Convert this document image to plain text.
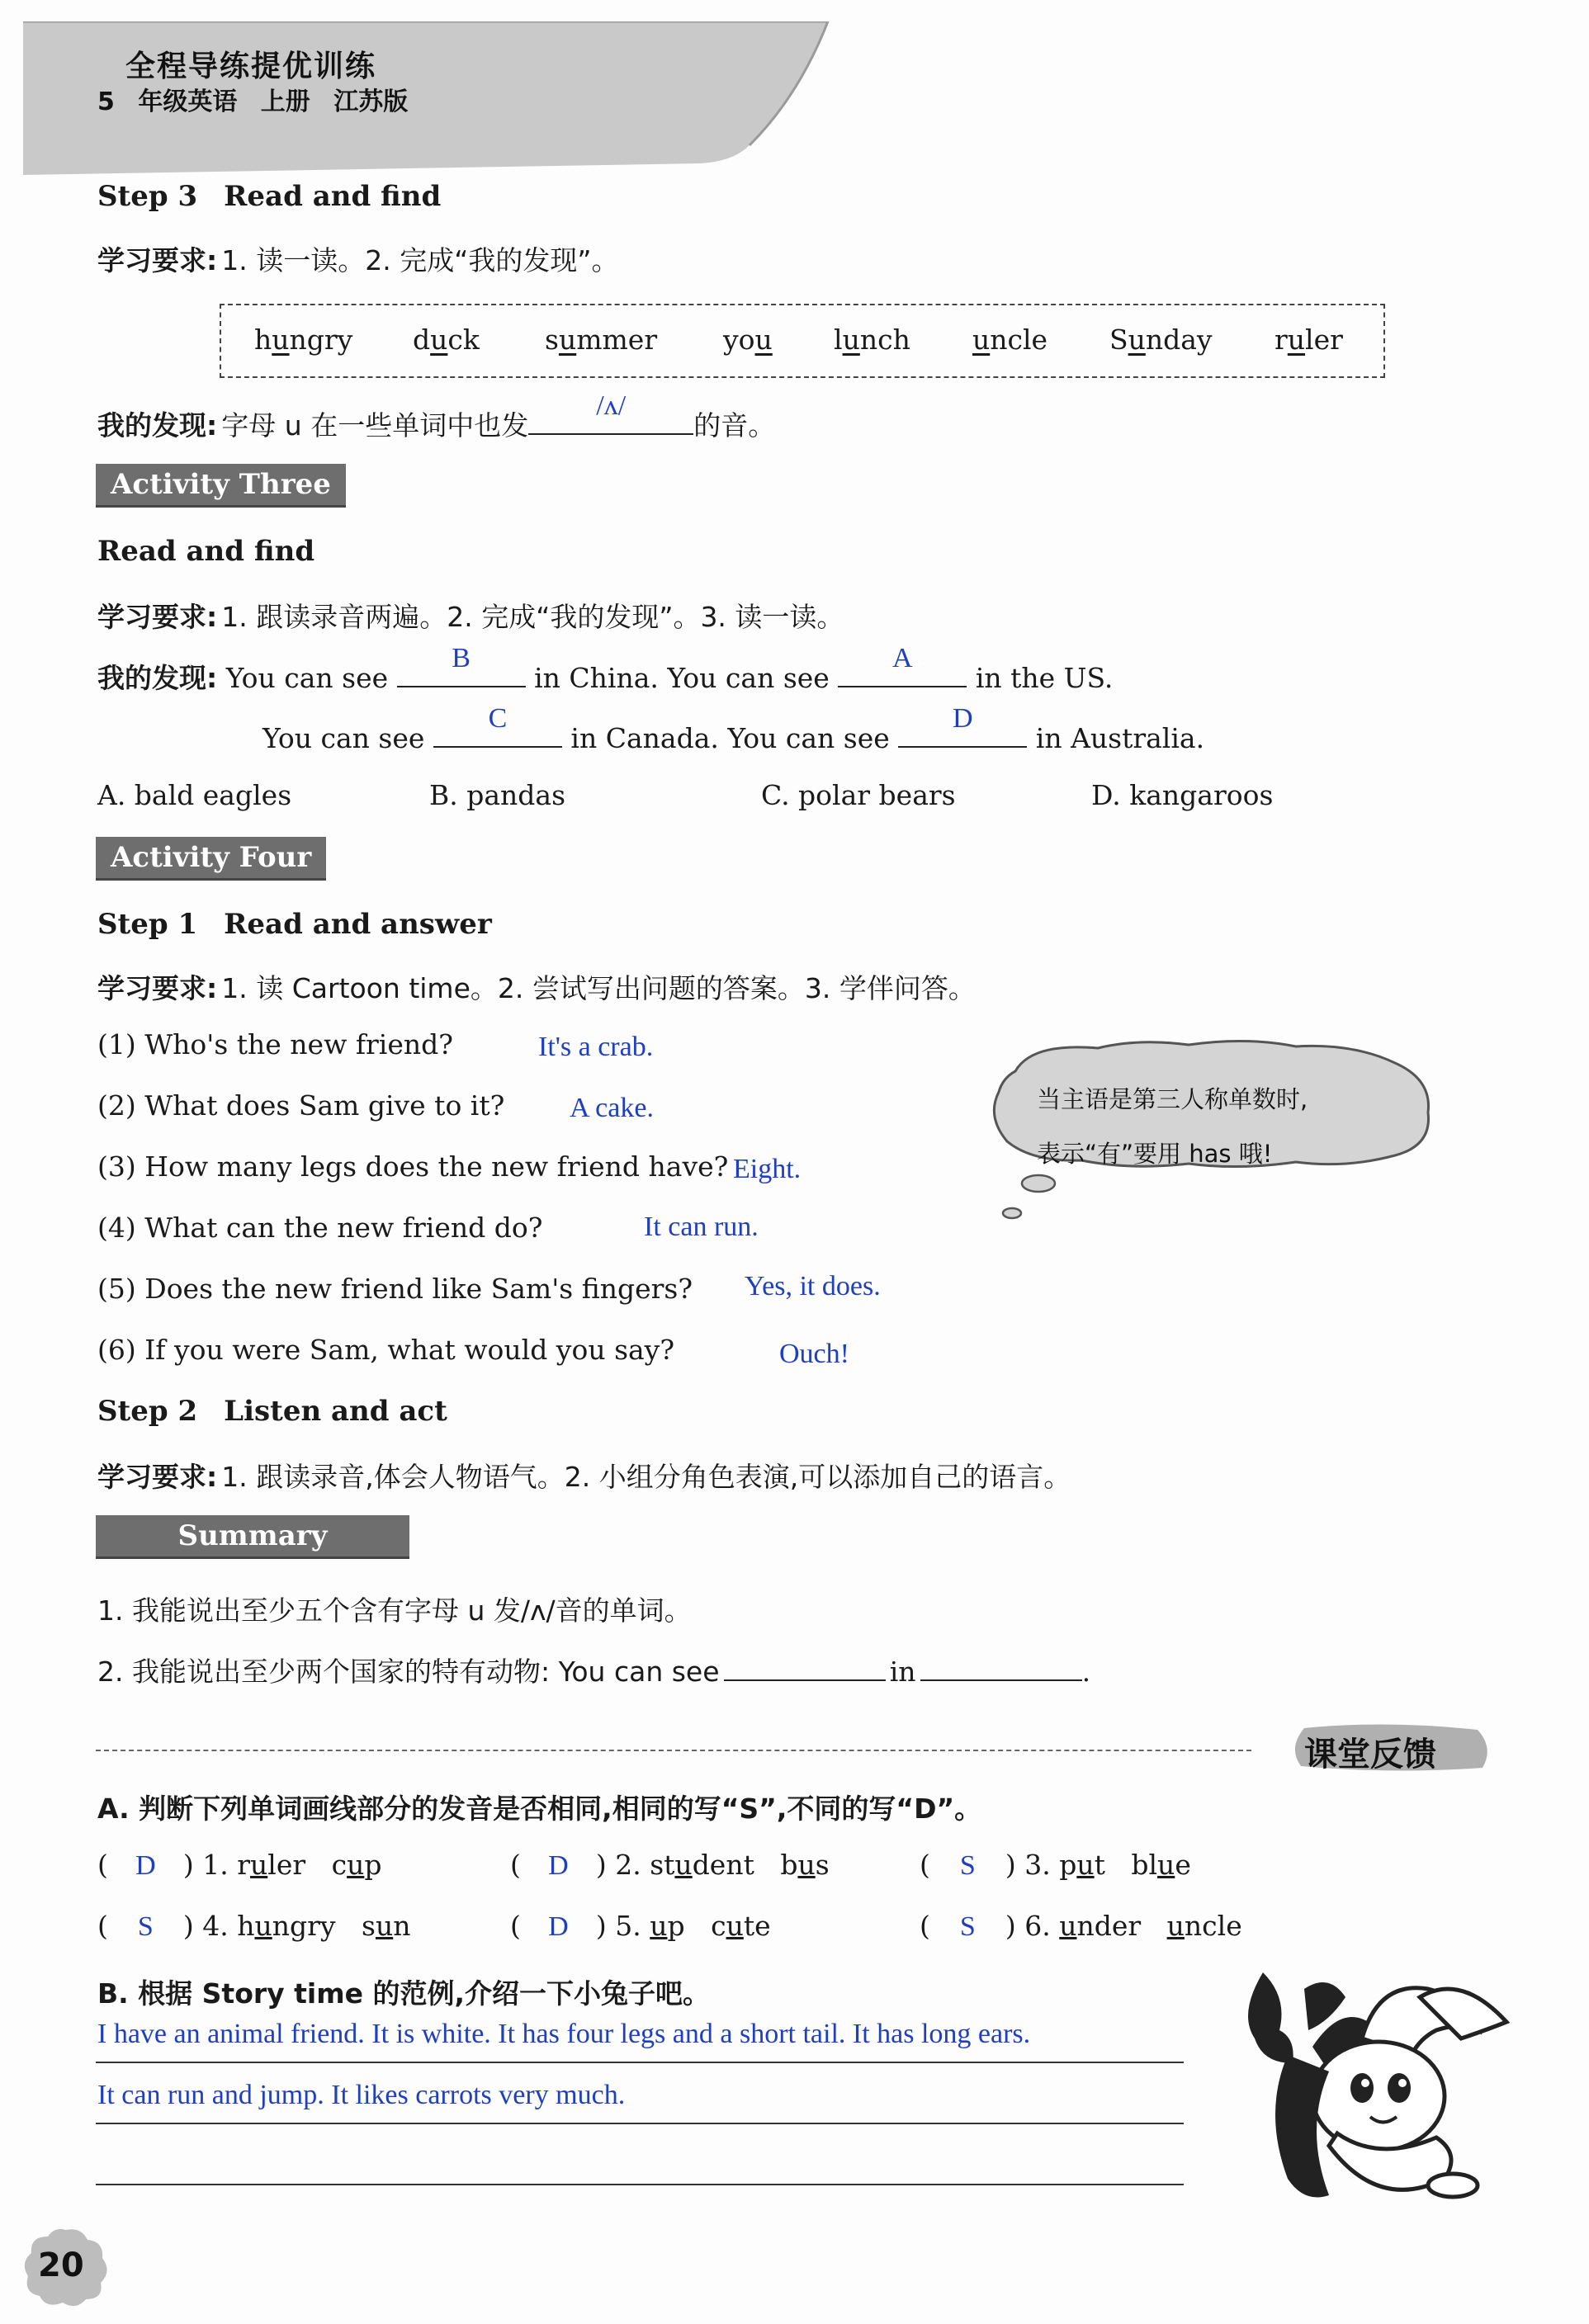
全程导练提优训练
5 年级英语 上册 江苏版
Step 3 Read and find
学习要求: 1. 读一读。2. 完成“我的发现”。
hungry duck summer you lunch uncle Sunday ruler
我的发现: 字母 u 在一些单词中也发
/ʌ/
的音。
Activity Three
Read and find
学习要求: 1. 跟读录音两遍。2. 完成“我的发现”。3. 读一读。
我的发现: You can see
B
in China. You can see
A
in the US.
You can see
C
in Canada. You can see
D
in Australia.
A. bald eagles	B. pandas	C. polar bears	D. kangaroos
Activity Four
Step 1 Read and answer
学习要求: 1. 读 Cartoon time。2. 尝试写出问题的答案。3. 学伴问答。
(1) Who's the new friend?	It's a crab.
(2) What does Sam give to it? A cake.
(3) How many legs does the new friend have? Eight.
(4) What can the new friend do?	It can run.
(5) Does the new friend like Sam's fingers? Yes, it does.
(6) If you were Sam, what would you say?	Ouch!
当主语是第三人称单数时,
表示“有”要用 has 哦!
Step 2 Listen and act
学习要求: 1. 跟读录音,体会人物语气。2. 小组分角色表演,可以添加自己的语言。
Summary
1. 我能说出至少五个含有字母 u 发/ʌ/音的单词。
2. 我能说出至少两个国家的特有动物: You can see	in	.
课堂反馈
A. 判断下列单词画线部分的发音是否相同,相同的写“S”,不同的写“D”。
( D ) 1. ruler   cup	( D ) 2. student   bus	( S ) 3. put   blue
( S ) 4. hungry   sun	( D ) 5. up   cute	( S ) 6. under   uncle
B. 根据 Story time 的范例,介绍一下小兔子吧。
I have an animal friend. It is white. It has four legs and a short tail. It has long ears.
It can run and jump. It likes carrots very much.
20
